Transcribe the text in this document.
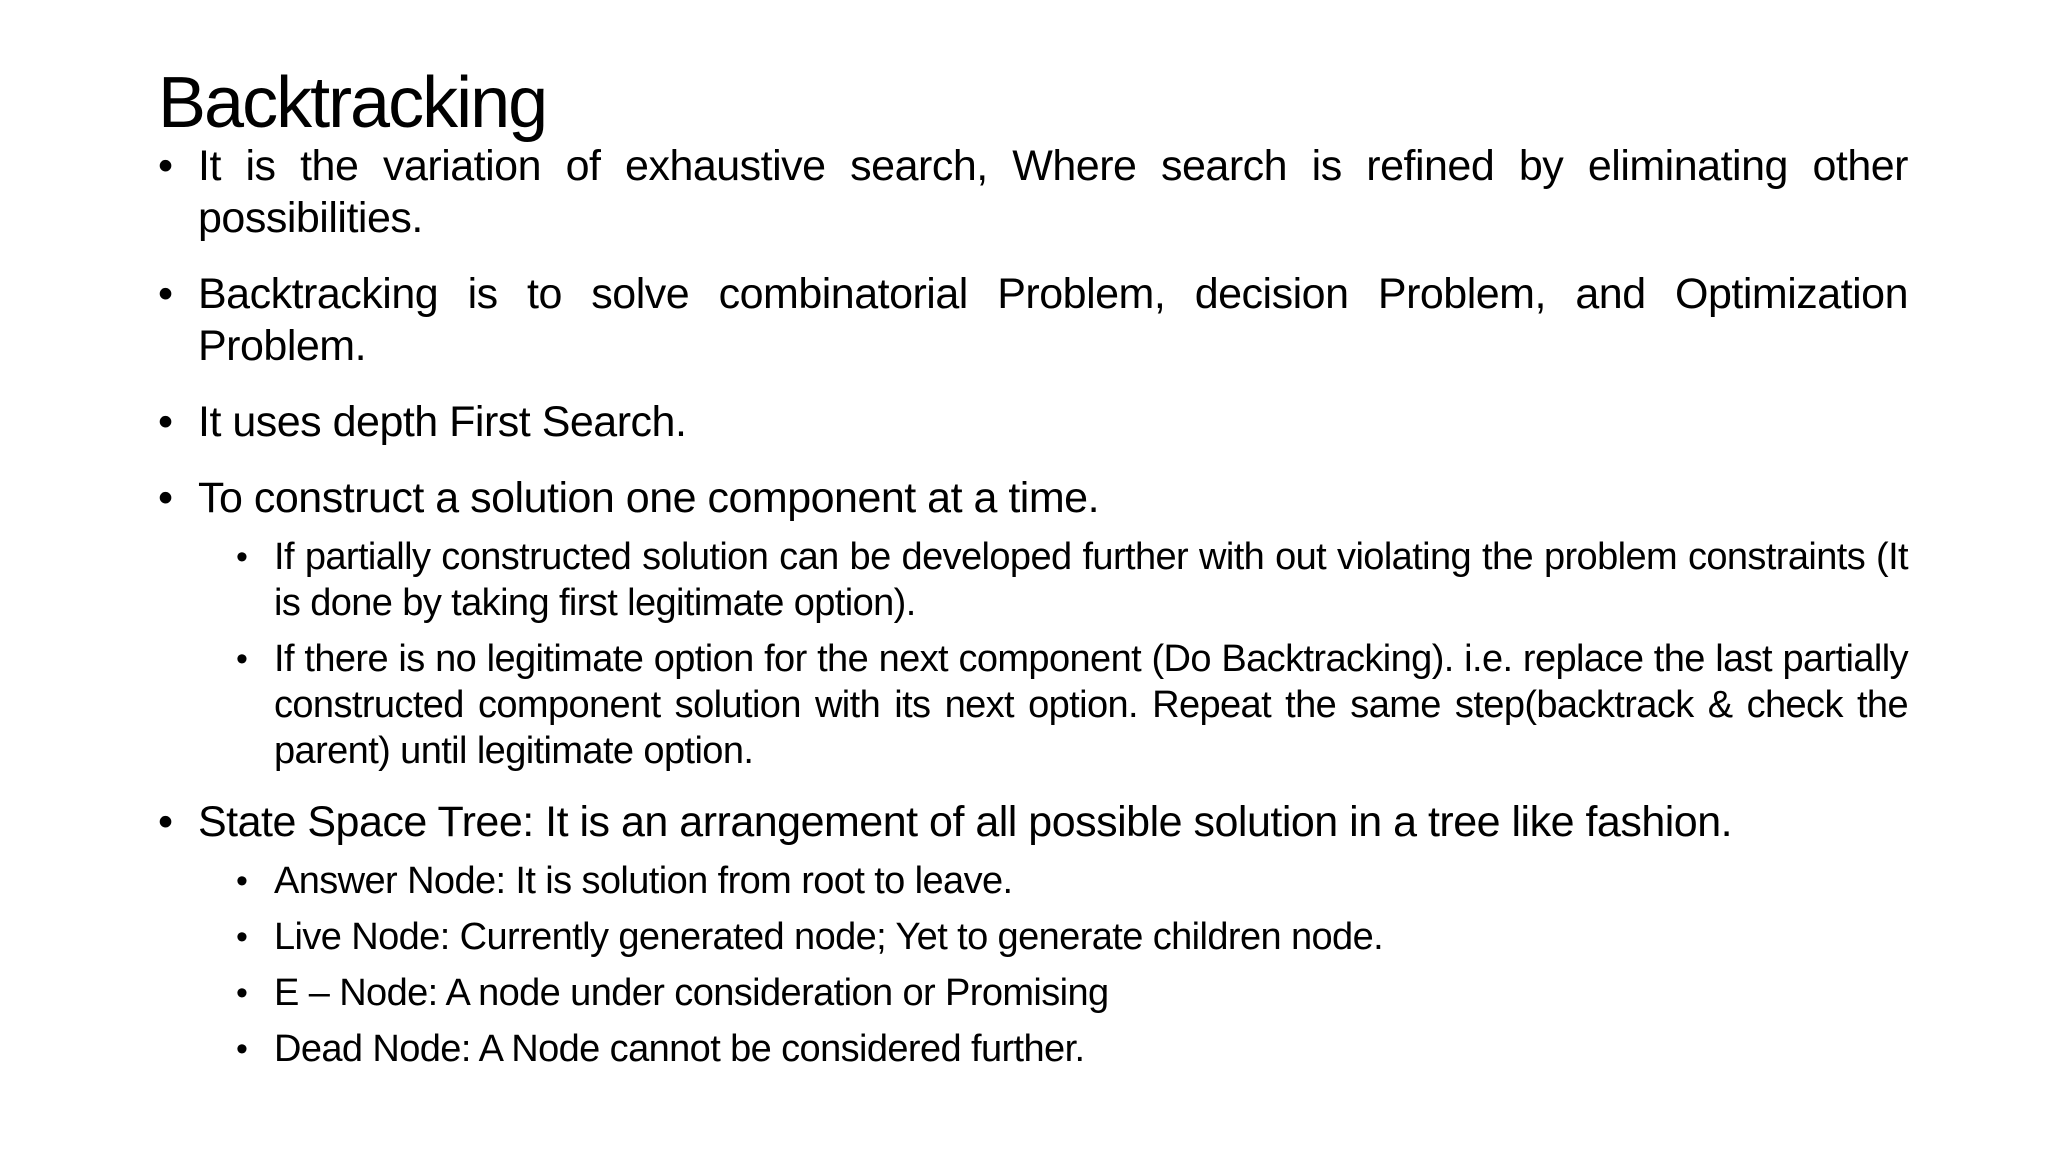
Backtracking
• It is the variation of exhaustive search, Where search is refined by eliminating other possibilities.
• Backtracking is to solve combinatorial Problem, decision Problem, and Optimization Problem.
• It uses depth First Search.
• To construct a solution one component at a time.
• If partially constructed solution can be developed further with out violating the problem constraints (It is done by taking first legitimate option).
• If there is no legitimate option for the next component (Do Backtracking). i.e. replace the last partially constructed component solution with its next option. Repeat the same step(backtrack & check the parent) until legitimate option.
• State Space Tree: It is an arrangement of all possible solution in a tree like fashion.
• Answer Node: It is solution from root to leave.
• Live Node: Currently generated node; Yet to generate children node.
• E – Node: A node under consideration or Promising
• Dead Node: A Node cannot be considered further.
